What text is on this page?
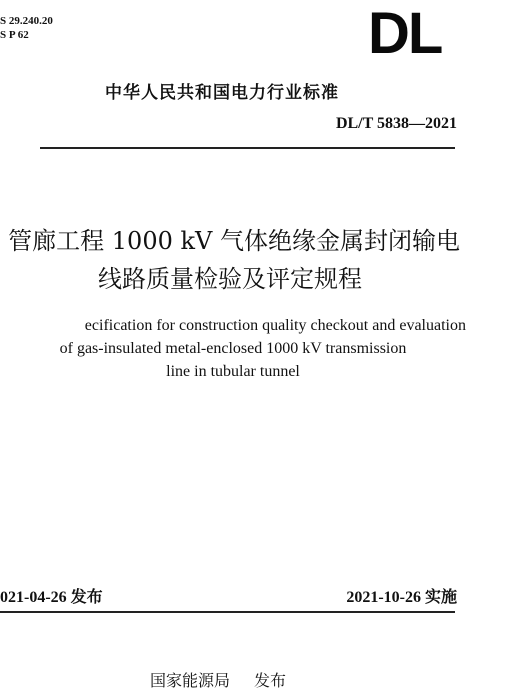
S 29.240.20
S P 62	DL
中华人民共和国电力行业标准
DL/T 5838—2021
管廊工程 1000 kV 气体绝缘金属封闭输电
线路质量检验及评定规程
ecification for construction quality checkout and evaluation
of gas-insulated metal-enclosed 1000 kV transmission
line in tubular tunnel
021-04-26 发布	2021-10-26 实施
国家能源局 发布
